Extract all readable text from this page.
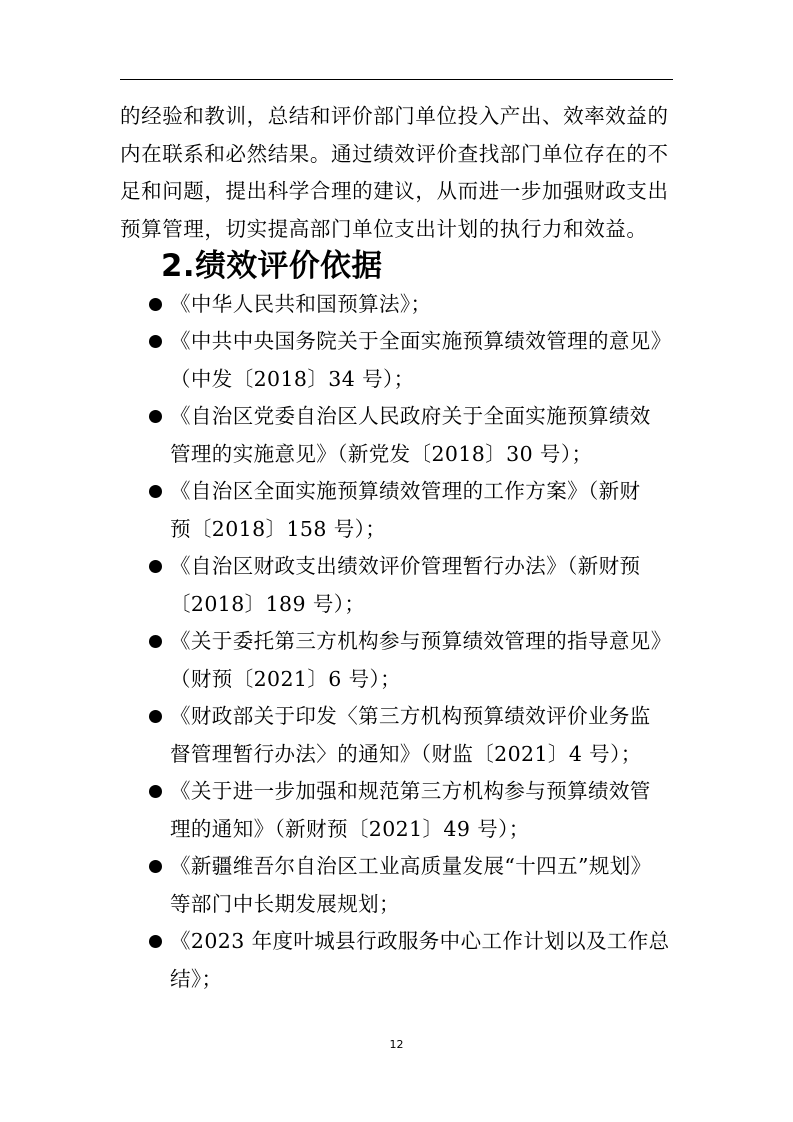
的经验和教训，总结和评价部门单位投入产出、效率效益的

内在联系和必然结果。通过绩效评价查找部门单位存在的不

足和问题，提出科学合理的建议，从而进一步加强财政支出

预算管理，切实提高部门单位支出计划的执行力和效益。

2.绩效评价依据
《中华人民共和国预算法》；
《中共中央国务院关于全面实施预算绩效管理的意见》
（中发〔2018〕34 号）；
《自治区党委自治区人民政府关于全面实施预算绩效
管理的实施意见》（新党发〔2018〕30 号）；
《自治区全面实施预算绩效管理的工作方案》（新财
预〔2018〕158 号）；
《自治区财政支出绩效评价管理暂行办法》（新财预
〔2018〕189 号）；
《关于委托第三方机构参与预算绩效管理的指导意见》
（财预〔2021〕6 号）；
《财政部关于印发〈第三方机构预算绩效评价业务监
督管理暂行办法〉的通知》（财监〔2021〕4 号）；
《关于进一步加强和规范第三方机构参与预算绩效管
理的通知》（新财预〔2021〕49 号）；
《新疆维吾尔自治区工业高质量发展“十四五”规划》
等部门中长期发展规划；
《2023 年度叶城县行政服务中心工作计划以及工作总
结》；
12
